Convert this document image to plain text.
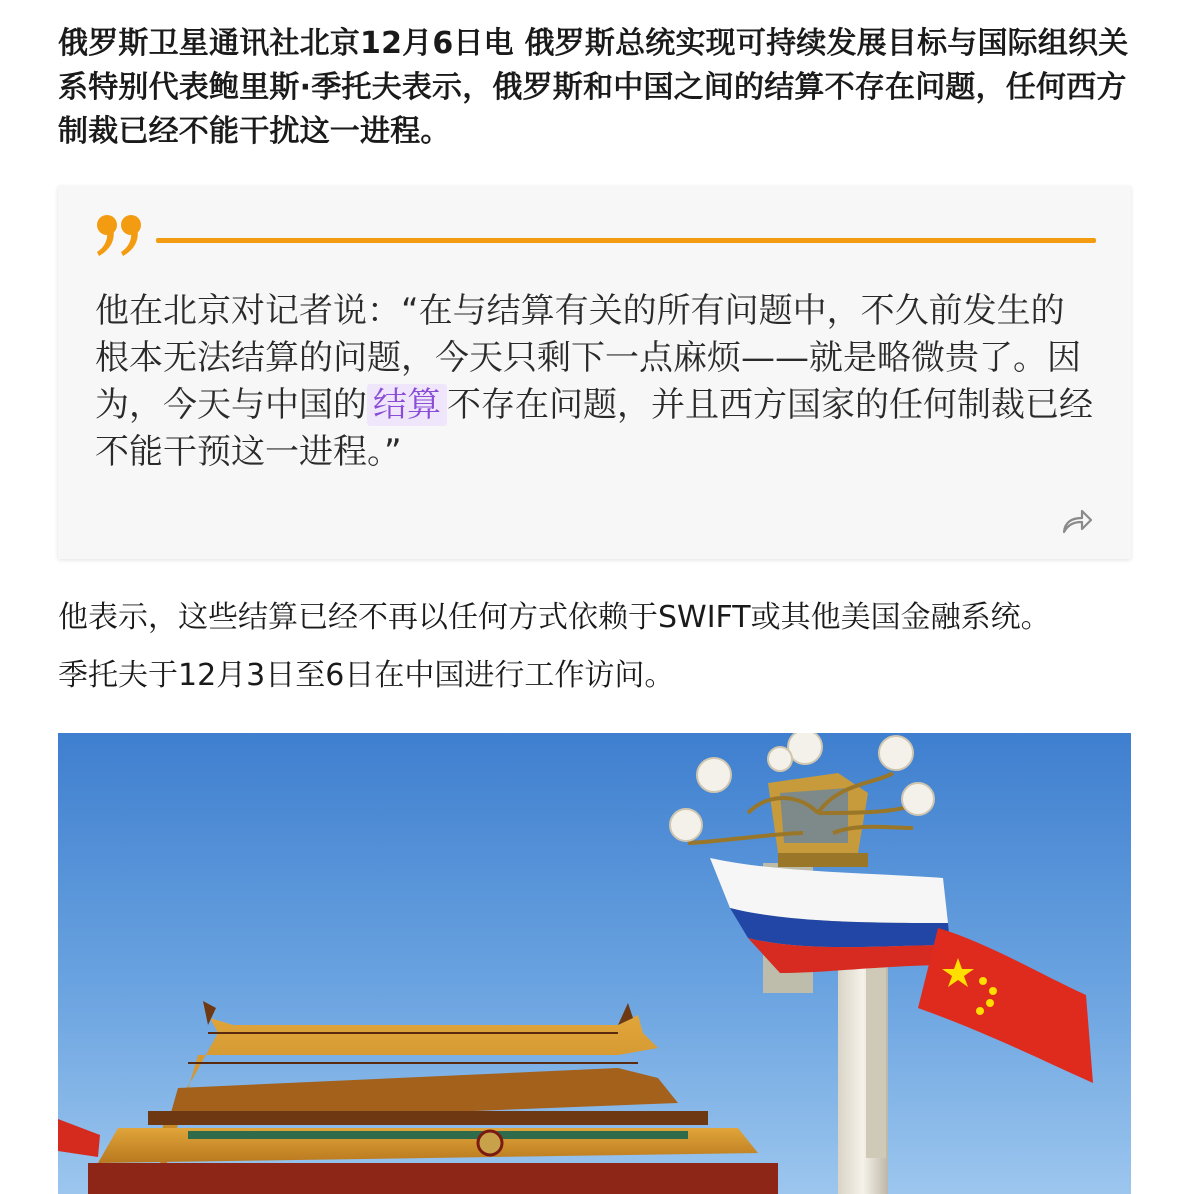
俄罗斯卫星通讯社北京12月6日电 俄罗斯总统实现可持续发展目标与国际组织关系特别代表鲍里斯·季托夫表示，俄罗斯和中国之间的结算不存在问题，任何西方制裁已经不能干扰这一进程。

他在北京对记者说：“在与结算有关的所有问题中，不久前发生的根本无法结算的问题，今天只剩下一点麻烦——就是略微贵了。因为，今天与中国的 结算 不存在问题，并且西方国家的任何制裁已经不能干预这一进程。”

他表示，这些结算已经不再以任何方式依赖于SWIFT或其他美国金融系统。

季托夫于12月3日至6日在中国进行工作访问。
